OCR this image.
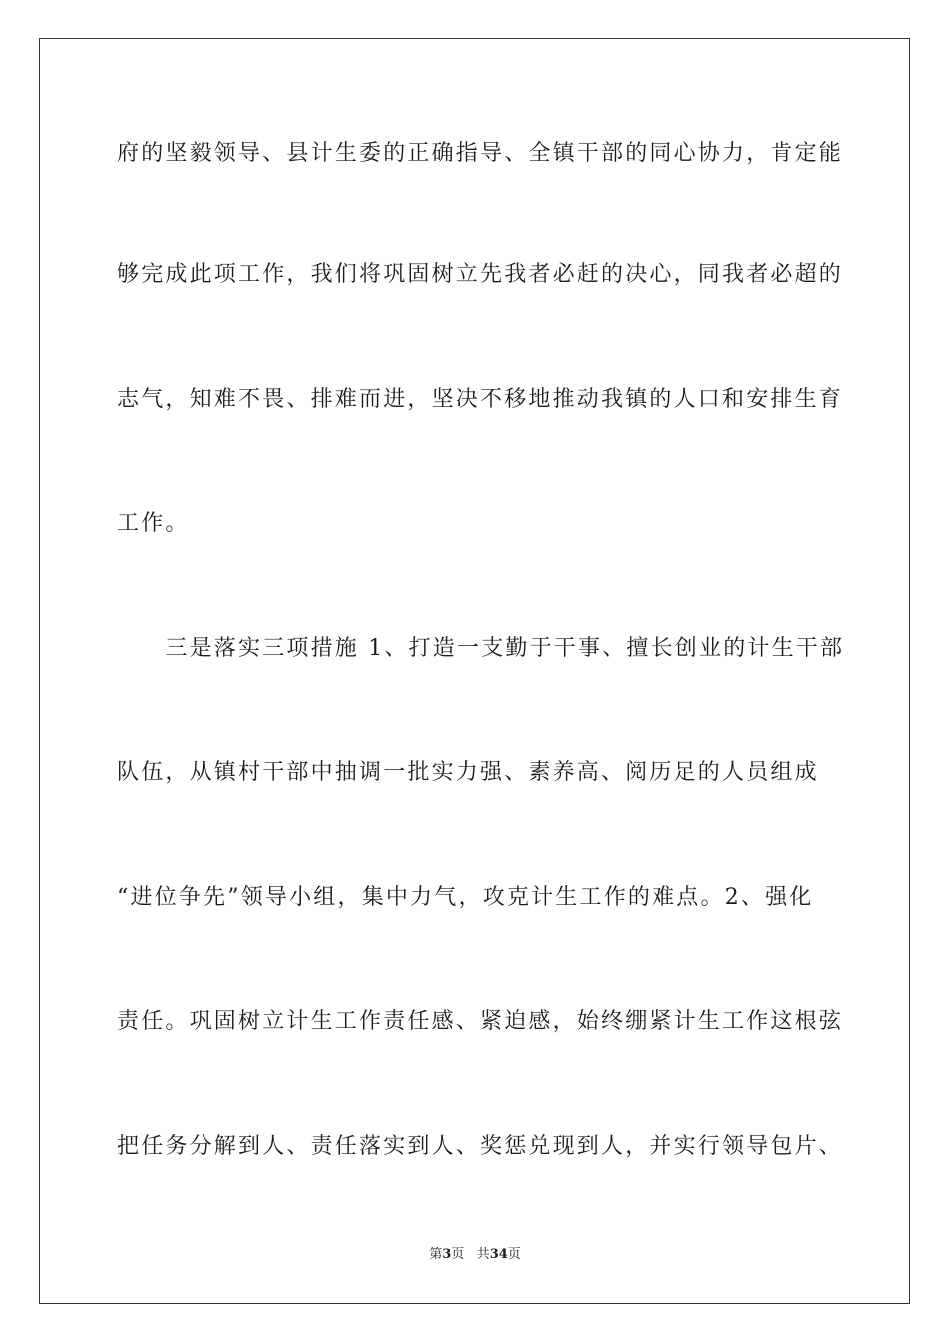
府的坚毅领导、县计生委的正确指导、全镇干部的同心协力，肯定能
够完成此项工作，我们将巩固树立先我者必赶的决心，同我者必超的
志气，知难不畏、排难而进，坚决不移地推动我镇的人口和安排生育
工作。
　　三是落实三项措施 1、打造一支勤于干事、擅长创业的计生干部
队伍，从镇村干部中抽调一批实力强、素养高、阅历足的人员组成
“进位争先”领导小组，集中力气，攻克计生工作的难点。2、强化
责任。巩固树立计生工作责任感、紧迫感，始终绷紧计生工作这根弦
把任务分解到人、责任落实到人、奖惩兑现到人，并实行领导包片、
第3页 共34页
